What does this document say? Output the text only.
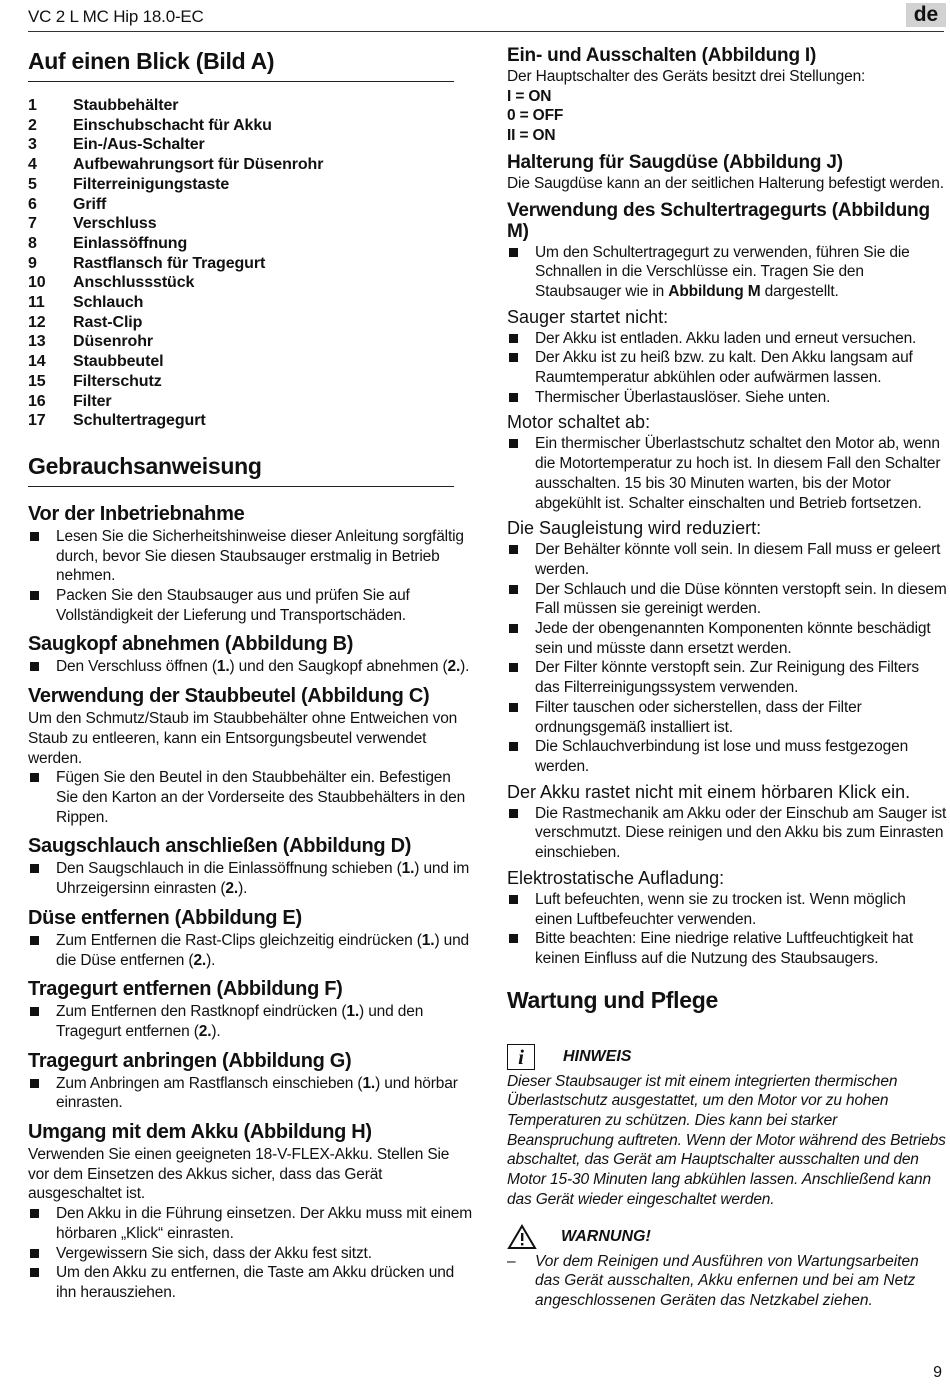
VC 2 L MC Hip 18.0-EC	de
Auf einen Blick (Bild A)
1	Staubbehälter
2	Einschubschacht für Akku
3	Ein-/Aus-Schalter
4	Aufbewahrungsort für Düsenrohr
5	Filterreinigungstaste
6	Griff
7	Verschluss
8	Einlassöffnung
9	Rastflansch für Tragegurt
10	Anschlussstück
11	Schlauch
12	Rast-Clip
13	Düsenrohr
14	Staubbeutel
15	Filterschutz
16	Filter
17	Schultertragegurt
Gebrauchsanweisung
Vor der Inbetriebnahme
Lesen Sie die Sicherheitshinweise dieser Anleitung sorgfältig durch, bevor Sie diesen Staubsauger erstmalig in Betrieb nehmen.
Packen Sie den Staubsauger aus und prüfen Sie auf Vollständigkeit der Lieferung und Transportschäden.
Saugkopf abnehmen (Abbildung B)
Den Verschluss öffnen (1.) und den Saugkopf abnehmen (2.).
Verwendung der Staubbeutel (Abbildung C)

Um den Schmutz/Staub im Staubbehälter ohne Entweichen von Staub zu entleeren, kann ein Entsorgungsbeutel verwendet werden.

Fügen Sie den Beutel in den Staubbehälter ein. Befestigen Sie den Karton an der Vorderseite des Staubbehälters in den Rippen.
Saugschlauch anschließen (Abbildung D)
Den Saugschlauch in die Einlassöffnung schieben (1.) und im Uhrzeigersinn einrasten (2.).
Düse entfernen (Abbildung E)
Zum Entfernen die Rast-Clips gleichzeitig eindrücken (1.) und die Düse entfernen (2.).
Tragegurt entfernen (Abbildung F)
Zum Entfernen den Rastknopf eindrücken (1.) und den Tragegurt entfernen (2.).
Tragegurt anbringen (Abbildung G)
Zum Anbringen am Rastflansch einschieben (1.) und hörbar einrasten.
Umgang mit dem Akku (Abbildung H)

Verwenden Sie einen geeigneten 18-V-FLEX-Akku. Stellen Sie vor dem Einsetzen des Akkus sicher, dass das Gerät ausgeschaltet ist.

Den Akku in die Führung einsetzen. Der Akku muss mit einem hörbaren „Klick“ einrasten.
Vergewissern Sie sich, dass der Akku fest sitzt.
Um den Akku zu entfernen, die Taste am Akku drücken und ihn herausziehen.
Ein- und Ausschalten (Abbildung I)

Der Hauptschalter des Geräts besitzt drei Stellungen:

I = ON

0 = OFF

II = ON

Halterung für Saugdüse (Abbildung J)

Die Saugdüse kann an der seitlichen Halterung befestigt werden.

Verwendung des Schultertragegurts (Abbildung M)
Um den Schultertragegurt zu verwenden, führen Sie die Schnallen in die Verschlüsse ein. Tragen Sie den Staubsauger wie in Abbildung M dargestellt.
Sauger startet nicht:
Der Akku ist entladen. Akku laden und erneut versuchen.
Der Akku ist zu heiß bzw. zu kalt. Den Akku langsam auf Raumtemperatur abkühlen oder aufwärmen lassen.
Thermischer Überlastauslöser. Siehe unten.
Motor schaltet ab:
Ein thermischer Überlastschutz schaltet den Motor ab, wenn die Motortemperatur zu hoch ist. In diesem Fall den Schalter ausschalten. 15 bis 30 Minuten warten, bis der Motor abgekühlt ist. Schalter einschalten und Betrieb fortsetzen.
Die Saugleistung wird reduziert:
Der Behälter könnte voll sein. In diesem Fall muss er geleert werden.
Der Schlauch und die Düse könnten verstopft sein. In diesem Fall müssen sie gereinigt werden.
Jede der obengenannten Komponenten könnte beschädigt sein und müsste dann ersetzt werden.
Der Filter könnte verstopft sein. Zur Reinigung des Filters das Filterreinigungssystem verwenden.
Filter tauschen oder sicherstellen, dass der Filter ordnungsgemäß installiert ist.
Die Schlauchverbindung ist lose und muss festgezogen werden.
Der Akku rastet nicht mit einem hörbaren Klick ein.
Die Rastmechanik am Akku oder der Einschub am Sauger ist verschmutzt. Diese reinigen und den Akku bis zum Einrasten einschieben.
Elektrostatische Aufladung:
Luft befeuchten, wenn sie zu trocken ist. Wenn möglich einen Luftbefeuchter verwenden.
Bitte beachten: Eine niedrige relative Luftfeuchtigkeit hat keinen Einfluss auf die Nutzung des Staubsaugers.
Wartung und Pflege
i	HINWEIS

Dieser Staubsauger ist mit einem integrierten thermischen Überlastschutz ausgestattet, um den Motor vor zu hohen Temperaturen zu schützen. Dies kann bei starker Beanspruchung auftreten. Wenn der Motor während des Betriebs abschaltet, das Gerät am Hauptschalter ausschalten und den Motor 15-30 Minuten lang abkühlen lassen. Anschließend kann das Gerät wieder eingeschaltet werden.

WARNUNG!
– Vor dem Reinigen und Ausführen von Wartungsarbeiten das Gerät ausschalten, Akku enfernen und bei am Netz angeschlossenen Geräten das Netzkabel ziehen.
9
